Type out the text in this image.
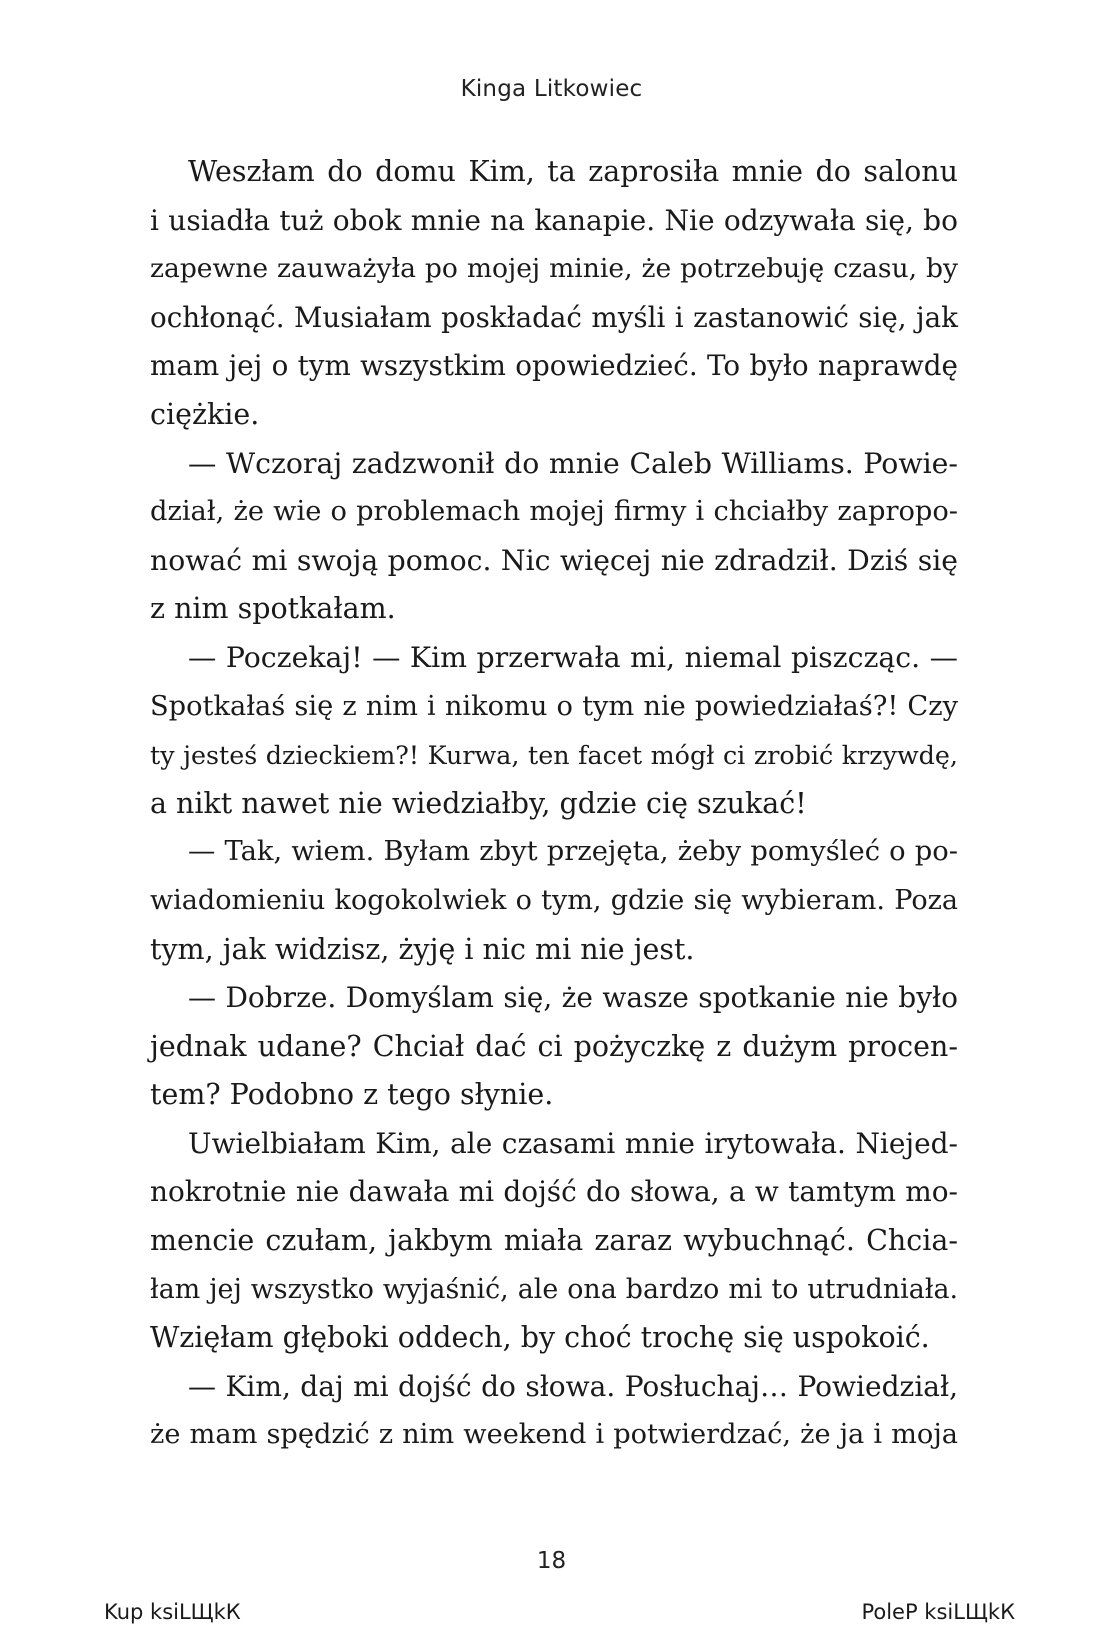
Kinga Litkowiec
Weszłam do domu Kim, ta zaprosiła mnie do salonu
i usiadła tuż obok mnie na kanapie. Nie odzywała się, bo
zapewne zauważyła po mojej minie, że potrzebuję czasu, by
ochłonąć. Musiałam poskładać myśli i zastanowić się, jak
mam jej o tym wszystkim opowiedzieć. To było naprawdę
ciężkie.
— Wczoraj zadzwonił do mnie Caleb Williams. Powie-
dział, że wie o problemach mojej firmy i chciałby zapropo-
nować mi swoją pomoc. Nic więcej nie zdradził. Dziś się
z nim spotkałam.
— Poczekaj! — Kim przerwała mi, niemal piszcząc. —
Spotkałaś się z nim i nikomu o tym nie powiedziałaś?! Czy
ty jesteś dzieckiem?! Kurwa, ten facet mógł ci zrobić krzywdę,
a nikt nawet nie wiedziałby, gdzie cię szukać!
— Tak, wiem. Byłam zbyt przejęta, żeby pomyśleć o po-
wiadomieniu kogokolwiek o tym, gdzie się wybieram. Poza
tym, jak widzisz, żyję i nic mi nie jest.
— Dobrze. Domyślam się, że wasze spotkanie nie było
jednak udane? Chciał dać ci pożyczkę z dużym procen-
tem? Podobno z tego słynie.
Uwielbiałam Kim, ale czasami mnie irytowała. Niejed-
nokrotnie nie dawała mi dojść do słowa, a w tamtym mo-
mencie czułam, jakbym miała zaraz wybuchnąć. Chcia-
łam jej wszystko wyjaśnić, ale ona bardzo mi to utrudniała.
Wzięłam głęboki oddech, by choć trochę się uspokoić.
— Kim, daj mi dojść do słowa. Posłuchaj… Powiedział,
że mam spędzić z nim weekend i potwierdzać, że ja i moja
18
Kup ksiLЩkК	PoleР ksiLЩkК
